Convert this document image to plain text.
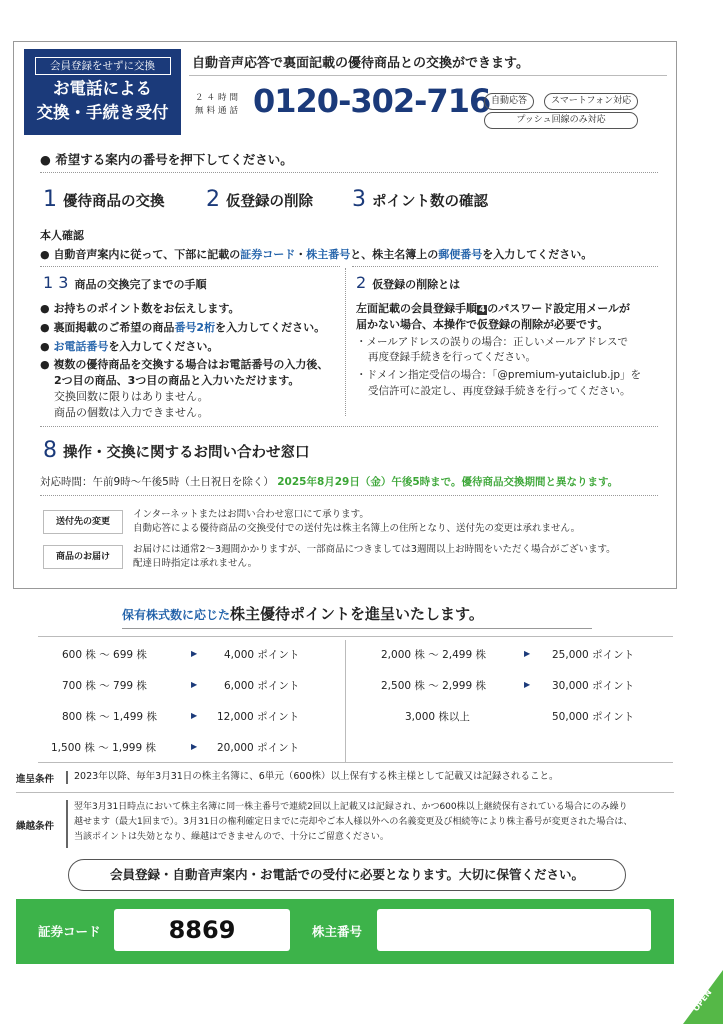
会員登録をせずに交換
お電話による
交換・手続き受付
自動音声応答で裏面記載の優待商品との交換ができます。
２４時間
無料通話 0120-302-716 自動応答	スマートフォン対応
プッシュ回線のみ対応
● 希望する案内の番号を押下してください。
1 優待商品の交換 2 仮登録の削除 3 ポイント数の確認
本人確認
● 自動音声案内に従って、下部に記載の証券コード・株主番号と、株主名簿上の郵便番号を入力してください。
1 3 商品の交換完了までの手順
● お持ちのポイント数をお伝えします。
● 裏面掲載のご希望の商品番号2桁を入力してください。
● お電話番号を入力してください。
● 複数の優待商品を交換する場合はお電話番号の入力後、
2つ目の商品、3つ目の商品と入力いただけます。
交換回数に限りはありません。
商品の個数は入力できません。
2 仮登録の削除とは
左面記載の会員登録手順 4 のパスワード設定用メールが
届かない場合、本操作で仮登録の削除が必要です。
・メールアドレスの誤りの場合：正しいメールアドレスで
再度登録手続きを行ってください。
・ドメイン指定受信の場合：「@premium-yutaiclub.jp」を
受信許可に設定し、再度登録手続きを行ってください。
8 操作・交換に関するお問い合わせ窓口
対応時間：午前9時～午後5時（土日祝日を除く） 2025年8月29日（金）午後5時まで。優待商品交換期間と異なります。
送付先の変更
インターネットまたはお問い合わせ窓口にて承ります。
自動応答による優待商品の交換受付での送付先は株主名簿上の住所となり、送付先の変更は承れません。
商品のお届け
お届けには通常2～3週間かかりますが、一部商品につきましては3週間以上お時間をいただく場合がございます。
配達日時指定は承れません。
保有株式数に応じた株主優待ポイントを進呈いたします。
600 株 ～ 699 株	▶	4,000 ポイント
700 株 ～ 799 株	▶	6,000 ポイント
800 株 ～ 1,499 株	▶ 12,000 ポイント
1,500 株 ～ 1,999 株	▶ 20,000 ポイント
2,000 株 ～ 2,499 株	▶ 25,000 ポイント
2,500 株 ～ 2,999 株	▶ 30,000 ポイント
3,000 株以上	50,000 ポイント
進呈条件 2023年以降、毎年3月31日の株主名簿に、6単元（600株）以上保有する株主様として記載又は記録されること。
繰越条件
翌年3月31日時点において株主名簿に同一株主番号で連続2回以上記載又は記録され、かつ600株以上継続保有されている場合にのみ繰り
越せます（最大1回まで）。3月31日の権利確定日までに売却やご本人様以外への名義変更及び相続等により株主番号が変更された場合は、
当該ポイントは失効となり、繰越はできませんので、十分にご留意ください。
会員登録・自動音声案内・お電話での受付に必要となります。大切に保管ください。
証券コード	8869	株主番号
OPEN
